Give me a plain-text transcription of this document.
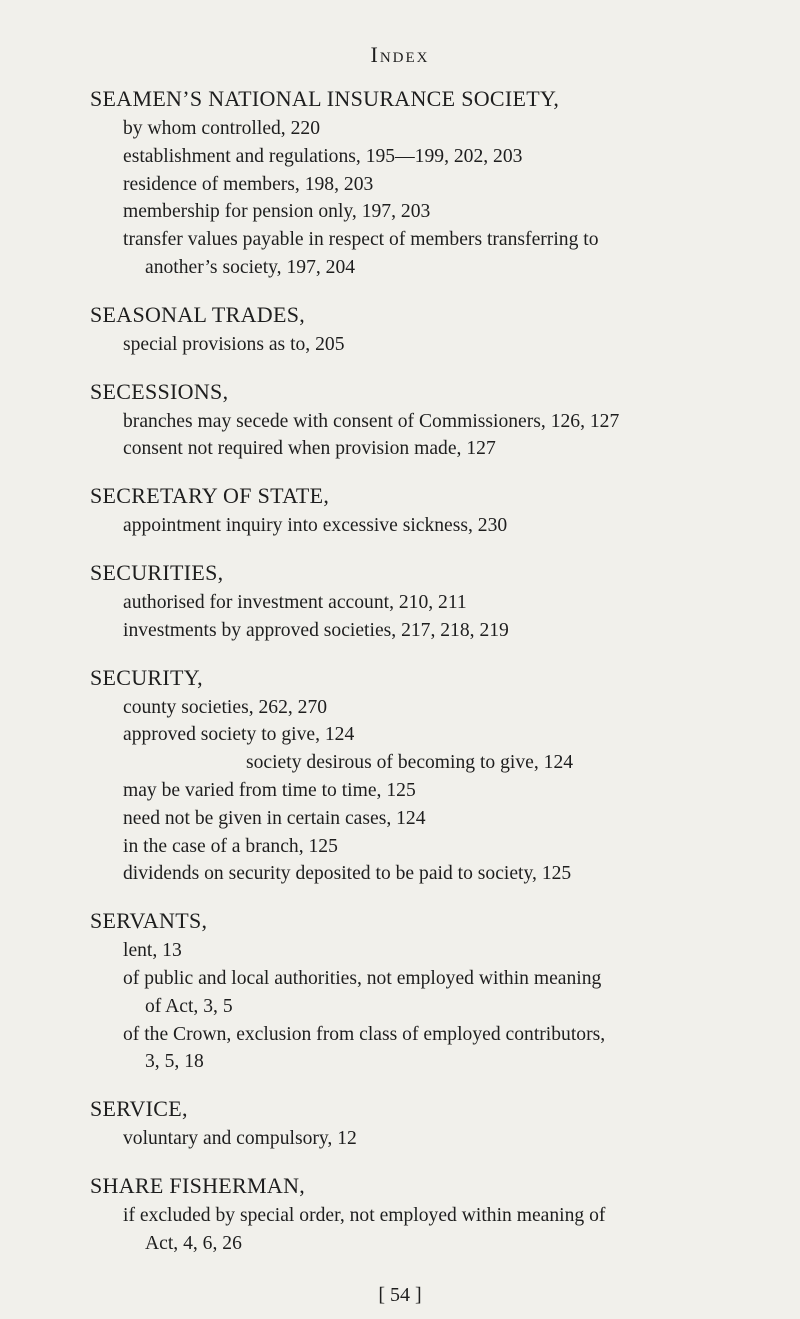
Index
SEAMEN’S NATIONAL INSURANCE SOCIETY,
by whom controlled, 220
establishment and regulations, 195—199, 202, 203
residence of members, 198, 203
membership for pension only, 197, 203
transfer values payable in respect of members transferring to
another’s society, 197, 204
SEASONAL TRADES,
special provisions as to, 205
SECESSIONS,
branches may secede with consent of Commissioners, 126, 127
consent not required when provision made, 127
SECRETARY OF STATE,
appointment inquiry into excessive sickness, 230
SECURITIES,
authorised for investment account, 210, 211
investments by approved societies, 217, 218, 219
SECURITY,
county societies, 262, 270
approved society to give, 124
society desirous of becoming to give, 124
may be varied from time to time, 125
need not be given in certain cases, 124
in the case of a branch, 125
dividends on security deposited to be paid to society, 125
SERVANTS,
lent, 13
of public and local authorities, not employed within meaning
of Act, 3, 5
of the Crown, exclusion from class of employed contributors,
3, 5, 18
SERVICE,
voluntary and compulsory, 12
SHARE FISHERMAN,
if excluded by special order, not employed within meaning of
Act, 4, 6, 26
[ 54 ]
